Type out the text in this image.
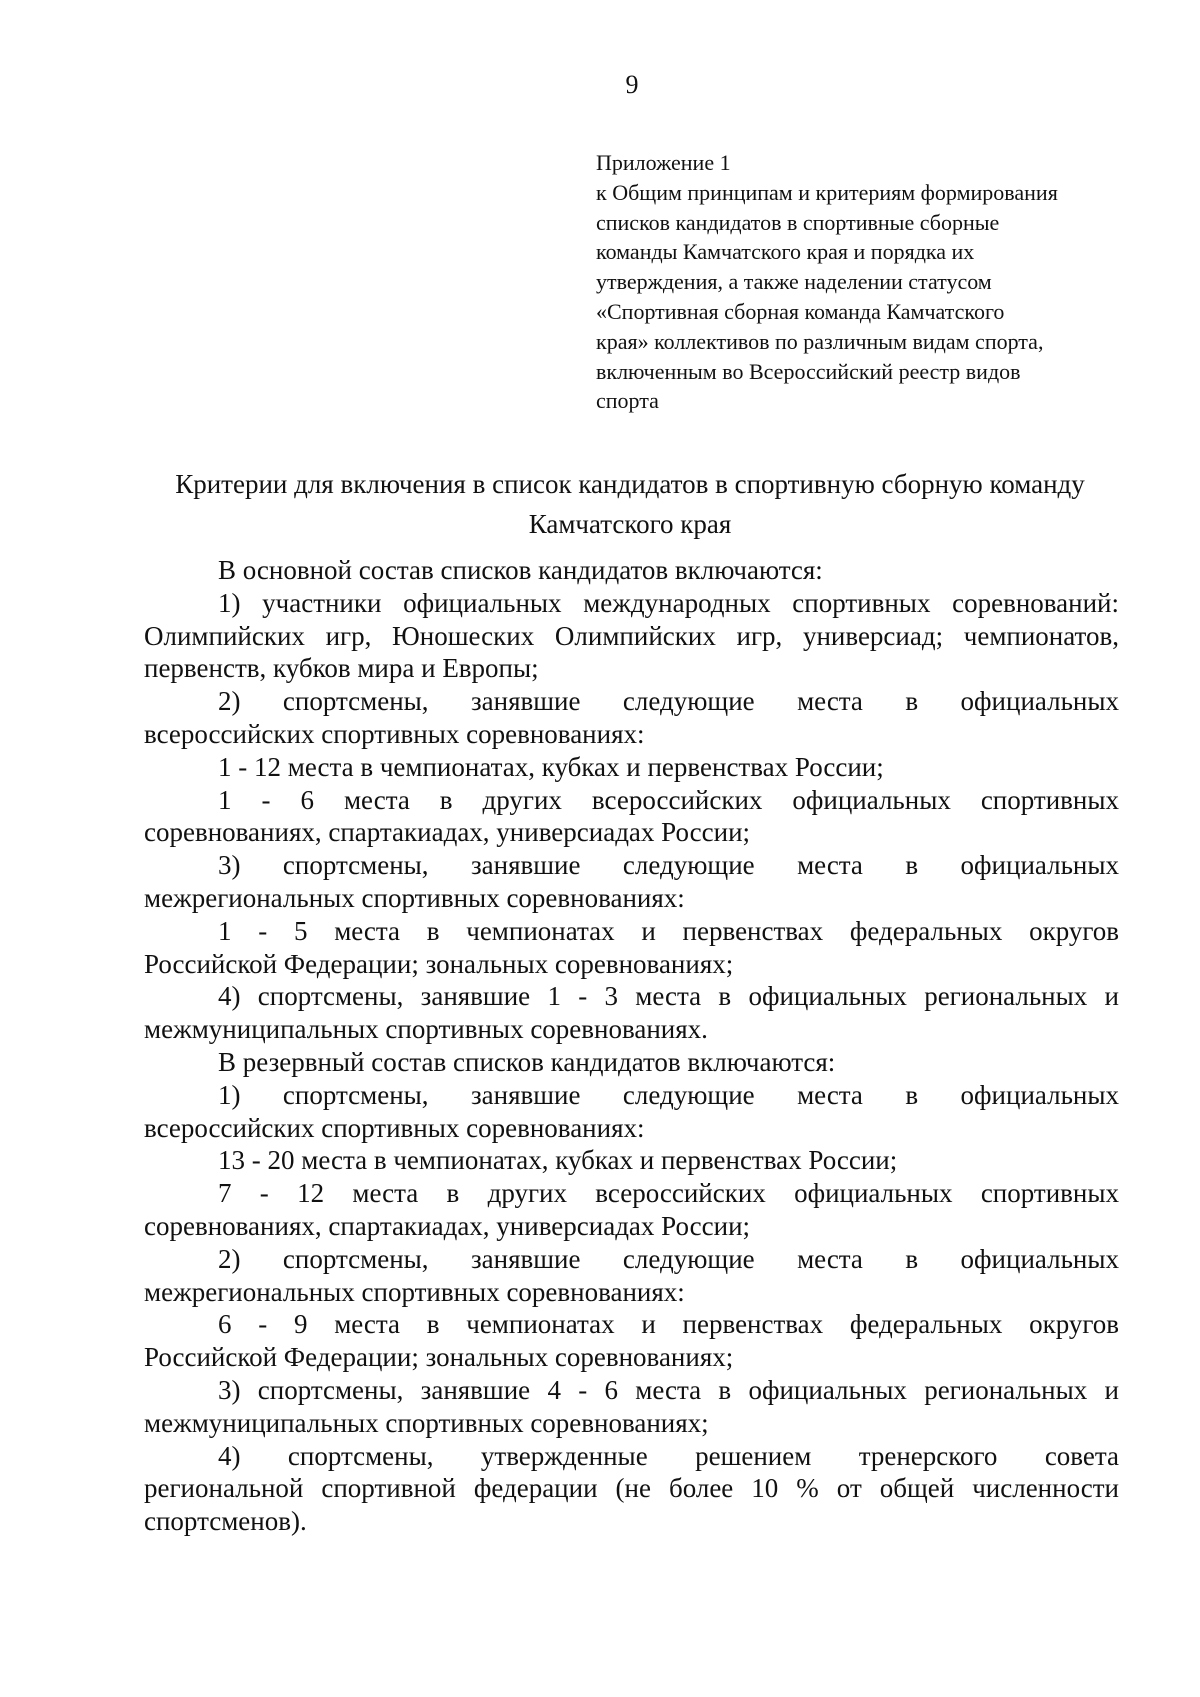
9
Приложение 1
к Общим принципам и критериям формирования
списков кандидатов в спортивные сборные
команды Камчатского края и порядка их
утверждения, а также наделении статусом
«Спортивная сборная команда Камчатского
края» коллективов по различным видам спорта,
включенным во Всероссийский реестр видов
спорта
Критерии для включения в список кандидатов в спортивную сборную команду
Камчатского края
В основной состав списков кандидатов включаются:
1) участники официальных международных спортивных соревнований:
Олимпийских игр, Юношеских Олимпийских игр, универсиад; чемпионатов,
первенств, кубков мира и Европы;
2) спортсмены, занявшие следующие места в официальных
всероссийских спортивных соревнованиях:
1 - 12 места в чемпионатах, кубках и первенствах России;
1 - 6 места в других всероссийских официальных спортивных
соревнованиях, спартакиадах, универсиадах России;
3) спортсмены, занявшие следующие места в официальных
межрегиональных спортивных соревнованиях:
1 - 5 места в чемпионатах и первенствах федеральных округов
Российской Федерации; зональных соревнованиях;
4) спортсмены, занявшие 1 - 3 места в официальных региональных и
межмуниципальных спортивных соревнованиях.
В резервный состав списков кандидатов включаются:
1) спортсмены, занявшие следующие места в официальных
всероссийских спортивных соревнованиях:
13 - 20 места в чемпионатах, кубках и первенствах России;
7 - 12 места в других всероссийских официальных спортивных
соревнованиях, спартакиадах, универсиадах России;
2) спортсмены, занявшие следующие места в официальных
межрегиональных спортивных соревнованиях:
6 - 9 места в чемпионатах и первенствах федеральных округов
Российской Федерации; зональных соревнованиях;
3) спортсмены, занявшие 4 - 6 места в официальных региональных и
межмуниципальных спортивных соревнованиях;
4) спортсмены, утвержденные решением тренерского совета
региональной спортивной федерации (не более 10 % от общей численности
спортсменов).
